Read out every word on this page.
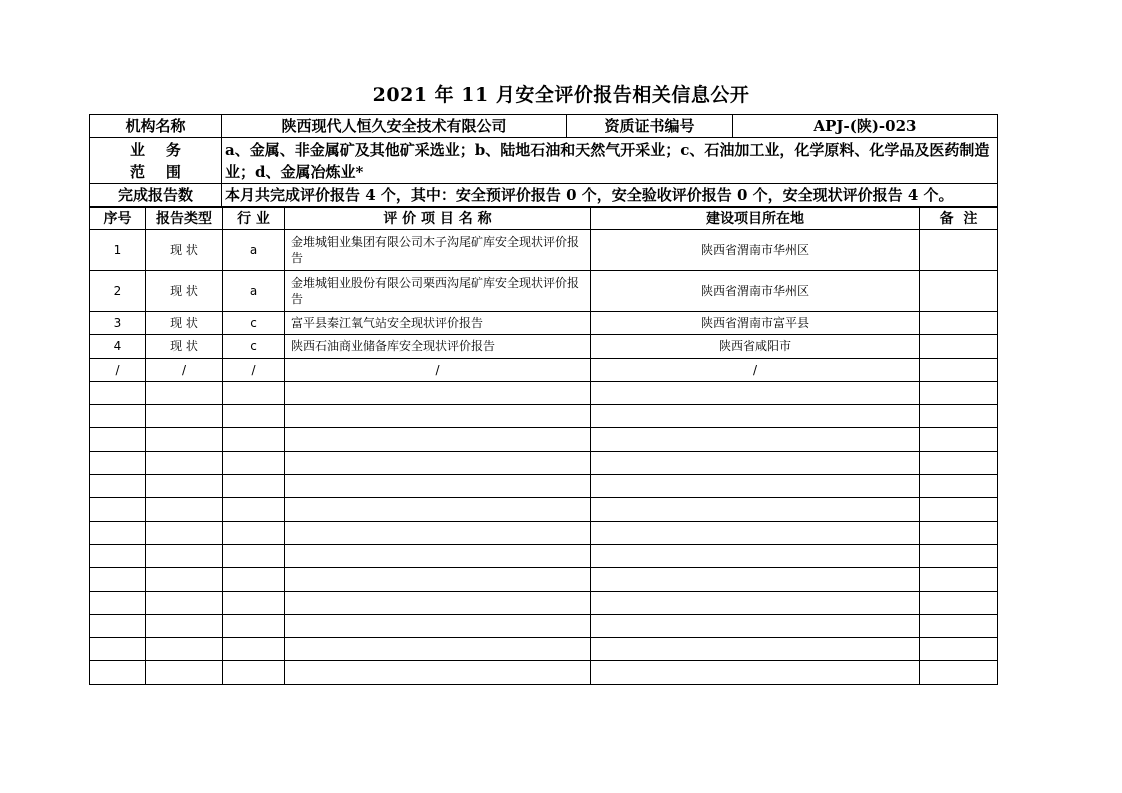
2021 年 11 月安全评价报告相关信息公开
机构名称	陕西现代人恒久安全技术有限公司	资质证书编号	APJ-(陕)-023

业    务
范    围	a、金属、非金属矿及其他矿采选业；b、陆地石油和天然气开采业；c、石油加工业，化学原料、化学品及医药制造业；d、金属冶炼业*		
完成报告数	本月共完成评价报告 4 个，其中：安全预评价报告 0 个，安全验收评价报告 0 个，安全现状评价报告 4 个。		
序号	报告类型	行 业	评 价 项 目 名 称	建设项目所在地	备  注
1	现 状	a	金堆城钼业集团有限公司木子沟尾矿库安全现状评价报告	陕西省渭南市华州区	
2	现 状	a	金堆城钼业股份有限公司栗西沟尾矿库安全现状评价报告	陕西省渭南市华州区	
3	现 状	c	富平县秦江氧气站安全现状评价报告	陕西省渭南市富平县	
4	现 状	c	陕西石油商业储备库安全现状评价报告	陕西省咸阳市	
/	/	/	/	/	
